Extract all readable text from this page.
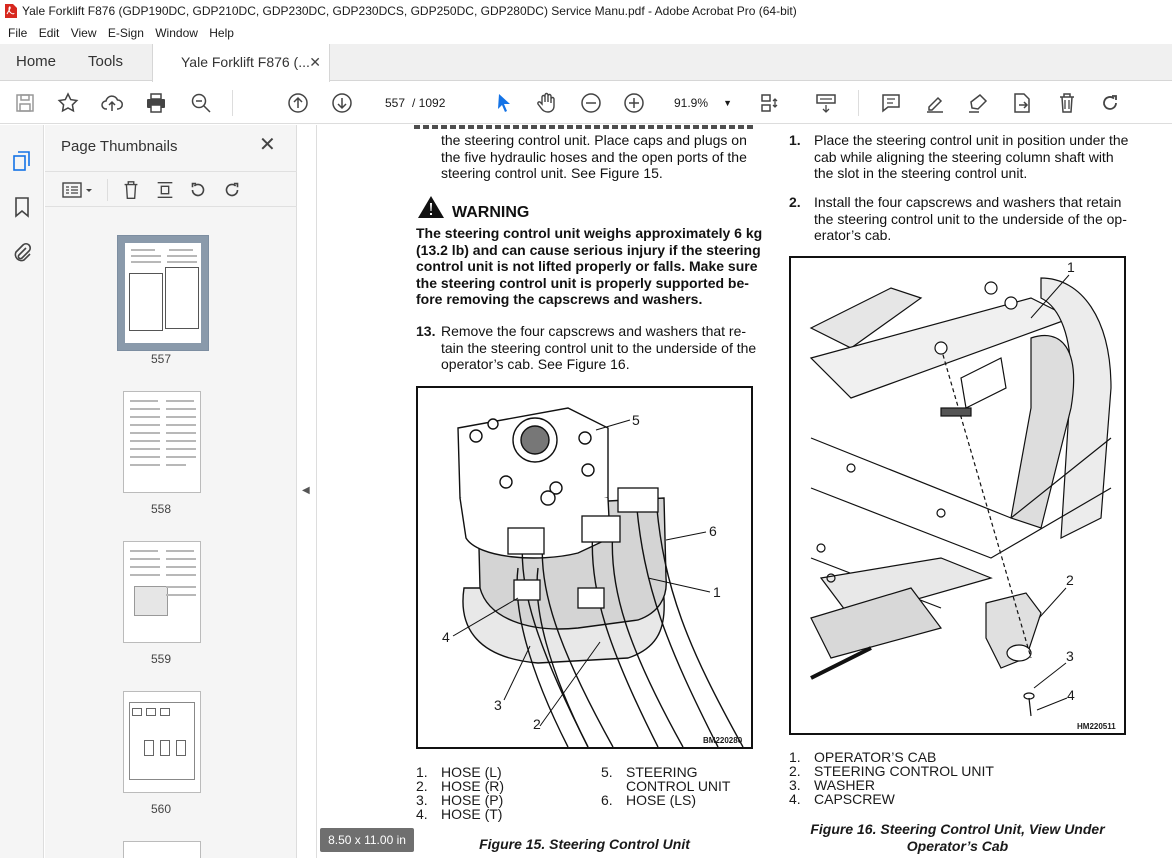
Yale Forklift F876 (GDP190DC, GDP210DC, GDP230DC, GDP230DCS, GDP250DC, GDP280DC) Service Manu.pdf - Adobe Acrobat Pro (64-bit)
File Edit View E-Sign Window Help
Home Tools	Yale Forklift F876 (... ✕
557 / 1092	91.9% ▼
Page Thumbnails	✕
557
558
559
560
◀
the steering control unit. Place caps and plugs on
the five hydraulic hoses and the open ports of the
steering control unit. See Figure 15.
WARNING
The steering control unit weighs approximately 6 kg
(13.2 lb) and can cause serious injury if the steering
control unit is not lifted properly or falls. Make sure
the steering control unit is properly supported be-
fore removing the capscrews and washers.
13. Remove the four capscrews and washers that re-
tain the steering control unit to the underside of the
operator’s cab. See Figure 16.
5
6
1
4
3
2
BM220280
1. HOSE (L)
2. HOSE (R)
3. HOSE (P)
4. HOSE (T)
5. STEERING
CONTROL UNIT
6. HOSE (LS)
Figure 15. Steering Control Unit
1. Place the steering control unit in position under the
cab while aligning the steering column shaft with
the slot in the steering control unit.
2. Install the four capscrews and washers that retain
the steering control unit to the underside of the op-
erator’s cab.
1
2
3
4
HM220511
1. OPERATOR’S CAB
2. STEERING CONTROL UNIT
3. WASHER
4. CAPSCREW
Figure 16. Steering Control Unit, View Under
Operator’s Cab
8.50 x 11.00 in
